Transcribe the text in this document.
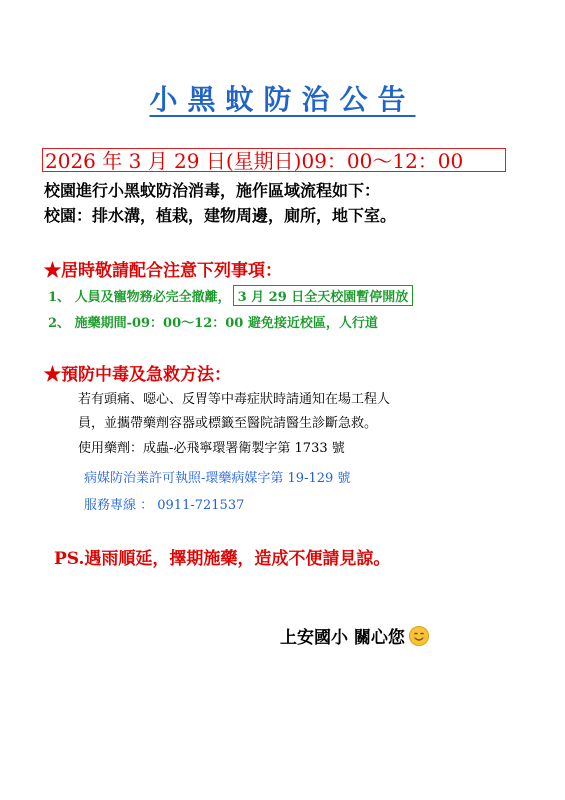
小黑蚊防治公告
2026 年 3 月 29 日(星期日)09：00～12：00
校園進行小黑蚊防治消毒，施作區域流程如下：
校園：排水溝，植栽，建物周邊，廁所，地下室。
★居時敬請配合注意下列事項：
1、 人員及寵物務必完全撤離， 3 月 29 日全天校園暫停開放
2、 施藥期間-09：00～12：00 避免接近校區，人行道
★預防中毒及急救方法：
若有頭痛、噁心、反胃等中毒症狀時請通知在場工程人
員，並攜帶藥劑容器或標籤至醫院請醫生診斷急救。
使用藥劑：成蟲-必飛寧環署衛製字第 1733 號
病媒防治業許可執照-環藥病媒字第 19-129 號
服務專線 ： 0911-721537
PS.遇雨順延，擇期施藥，造成不便請見諒。
上安國小 關心您
